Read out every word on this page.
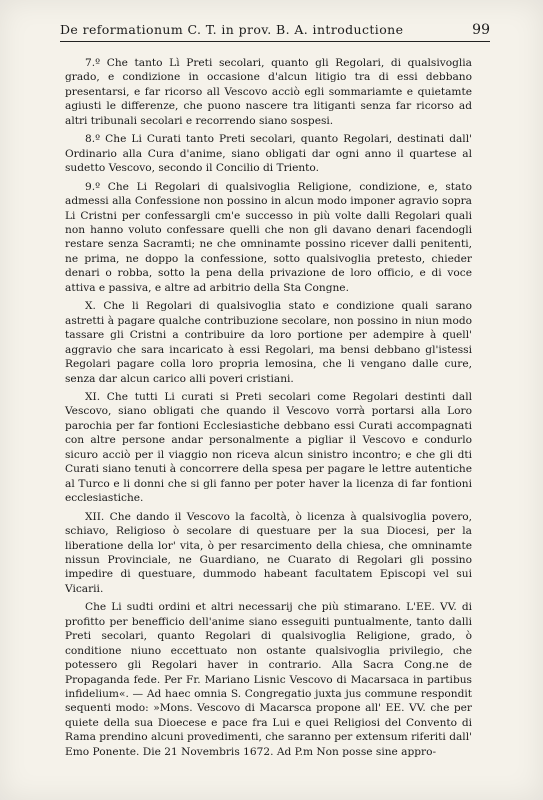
De reformationum C. T. in prov. B. A. introductione	99

7.º Che tanto Lì Preti secolari, quanto gli Regolari, di qualsivoglia grado, e condizione in occasione d'alcun litigio tra di essi debbano presentarsi, e far ricorso all Vescovo acciò egli sommariamte e quietamte agiusti le differenze, che puono nascere tra litiganti senza far ricorso ad altri tribunali secolari e recorrendo siano sospesi.

8.º Che Li Curati tanto Preti secolari, quanto Regolari, destinati dall' Ordinario alla Cura d'anime, siano obligati dar ogni anno il quartese al sudetto Vescovo, secondo il Concilio di Triento.

9.º Che Li Regolari di qualsivoglia Religione, condizione, e, stato admessi alla Confessione non possino in alcun modo imponer agravio sopra Li Cristni per confessargli cm'e successo in più volte dalli Regolari quali non hanno voluto confessare quelli che non gli davano denari facendogli restare senza Sacramti; ne che omninamte possino ricever dalli penitenti, ne prima, ne doppo la confessione, sotto qualsivoglia pretesto, chieder denari o robba, sotto la pena della privazione de loro officio, e di voce attiva e passiva, e altre ad arbitrio della Sta Congne.

X. Che li Regolari di qualsivoglia stato e condizione quali sarano astretti à pagare qualche contribuzione secolare, non possino in niun modo tassare gli Cristni a contribuire da loro portione per adempire à quell' aggravio che sara incaricato à essi Regolari, ma bensi debbano gl'istessi Regolari pagare colla loro propria lemosina, che li vengano dalle cure, senza dar alcun carico alli poveri cristiani.

XI. Che tutti Li curati si Preti secolari come Regolari destinti dall Vescovo, siano obligati che quando il Vescovo vorrà portarsi alla Loro parochia per far fontioni Ecclesiastiche debbano essi Curati accompagnati con altre persone andar personalmente a pigliar il Vescovo e condurlo sicuro acciò per il viaggio non riceva alcun sinistro incontro; e che gli dti Curati siano tenuti à concorrere della spesa per pagare le lettre autentiche al Turco e li donni che si gli fanno per poter haver la licenza di far fontioni ecclesiastiche.

XII. Che dando il Vescovo la facoltà, ò licenza à qualsivoglia povero, schiavo, Religioso ò secolare di questuare per la sua Diocesi, per la liberatione della lor' vita, ò per resarcimento della chiesa, che omninamte nissun Provinciale, ne Guardiano, ne Cuarato di Regolari gli possino impedire di questuare, dummodo habeant facultatem Episcopi vel sui Vicarii.

Che Li sudti ordini et altri necessarij che più stimarano. L'EE. VV. di profitto per benefficio dell'anime siano esseguiti puntualmente, tanto dalli Preti secolari, quanto Regolari di qualsivoglia Religione, grado, ò conditione niuno eccettuato non ostante qualsivoglia privilegio, che potessero gli Regolari haver in contrario. Alla Sacra Cong.ne de Propaganda fede. Per Fr. Mariano Lisnic Vescovo di Macarsaca in partibus infidelium«. — Ad haec omnia S. Congregatio juxta jus commune respondit sequenti modo: »Mons. Vescovo di Macarsca propone all' EE. VV. che per quiete della sua Dioecese e pace fra Lui e quei Religiosi del Convento di Rama prendino alcuni provedimenti, che saranno per extensum riferiti dall' Emo Ponente. Die 21 Novembris 1672. Ad P.m Non posse sine appro-
